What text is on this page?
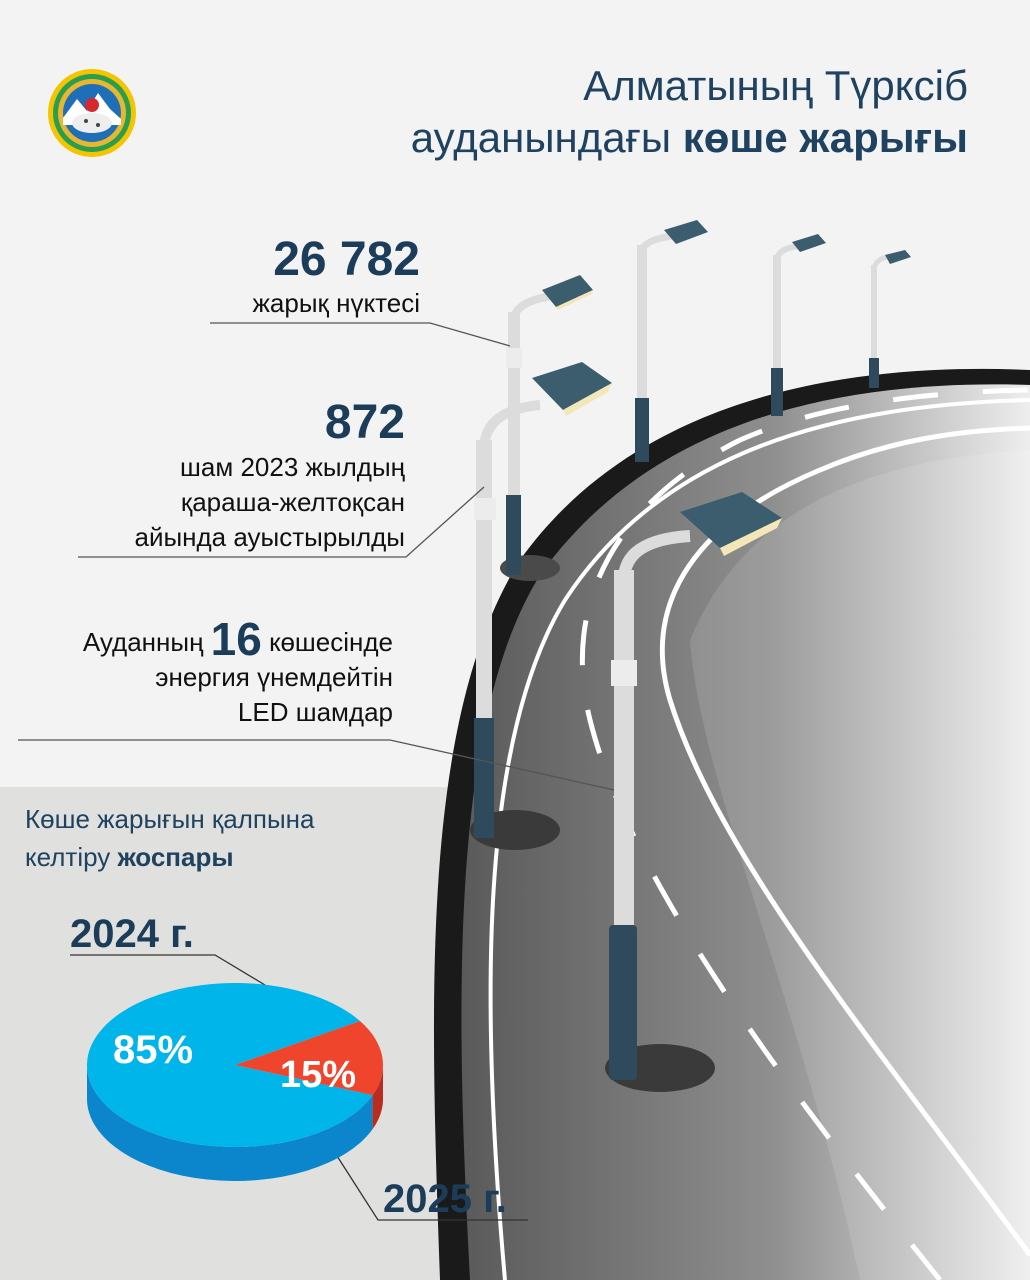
Алматының Түрксіб
ауданындағы көше жарығы
26 782
жарық нүктесі
872
шам 2023 жылдың
қараша-желтоқсан
айында ауыстырылды
Ауданның 16 көшесінде
энергия үнемдейтін
LED шамдар
Көше жарығын қалпына
келтіру жоспары
2024 г.
2025 г.
85%
15%
